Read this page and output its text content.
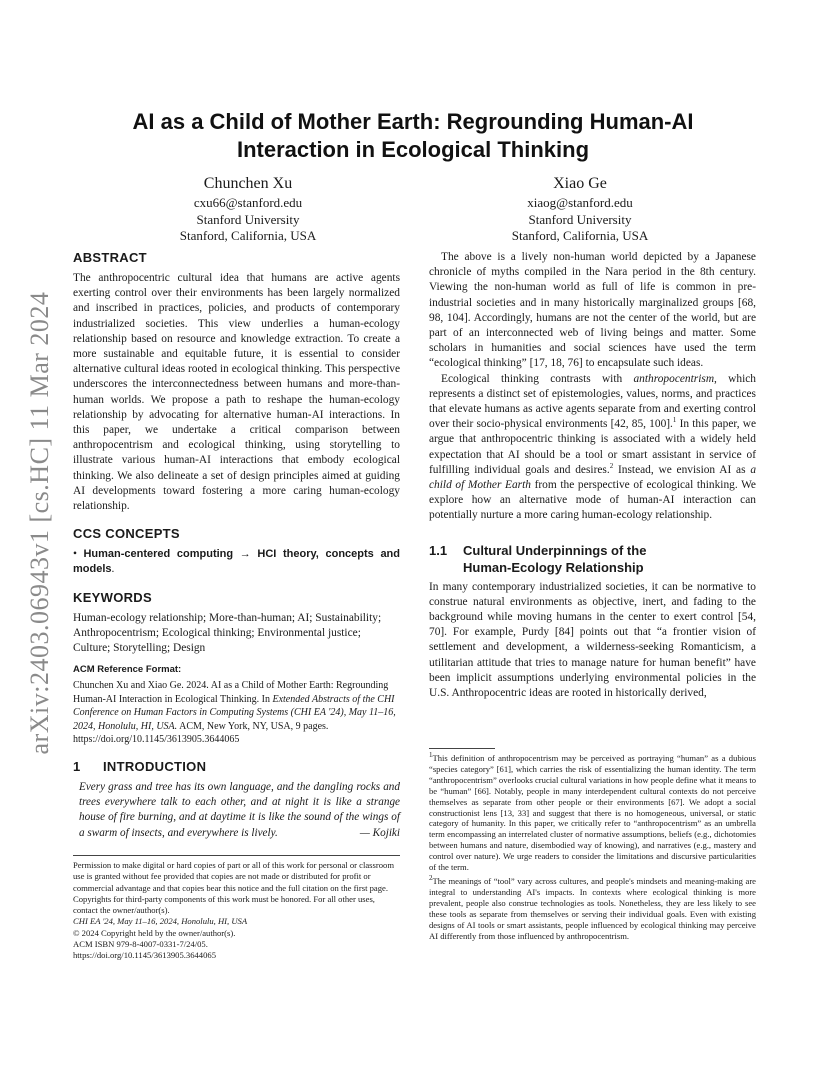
arXiv:2403.06943v1 [cs.HC] 11 Mar 2024
AI as a Child of Mother Earth: Regrounding Human-AI Interaction in Ecological Thinking
Chunchen Xu
cxu66@stanford.edu
Stanford University
Stanford, California, USA
Xiao Ge
xiaog@stanford.edu
Stanford University
Stanford, California, USA
ABSTRACT

The anthropocentric cultural idea that humans are active agents exerting control over their environments has been largely normalized and inscribed in practices, policies, and products of contemporary industrialized societies. This view underlies a human-ecology relationship based on resource and knowledge extraction. To create a more sustainable and equitable future, it is essential to consider alternative cultural ideas rooted in ecological thinking. This perspective underscores the interconnectedness between humans and more-than-human worlds. We propose a path to reshape the human-ecology relationship by advocating for alternative human-AI interactions. In this paper, we undertake a critical comparison between anthropocentrism and ecological thinking, using storytelling to illustrate various human-AI interactions that embody ecological thinking. We also delineate a set of design principles aimed at guiding AI developments toward fostering a more caring human-ecology relationship.

CCS CONCEPTS

• Human-centered computing → HCI theory, concepts and models.

KEYWORDS

Human-ecology relationship; More-than-human; AI; Sustainability; Anthropocentrism; Ecological thinking; Environmental justice; Culture; Storytelling; Design

ACM Reference Format:
Chunchen Xu and Xiao Ge. 2024. AI as a Child of Mother Earth: Regrounding Human-AI Interaction in Ecological Thinking. In Extended Abstracts of the CHI Conference on Human Factors in Computing Systems (CHI EA '24), May 11–16, 2024, Honolulu, HI, USA. ACM, New York, NY, USA, 9 pages. https://doi.org/10.1145/3613905.3644065
1 INTRODUCTION
Every grass and tree has its own language, and the dangling rocks and trees everywhere talk to each other, and at night it is like a strange house of fire burning, and at daytime it is like the sound of the wings of a swarm of insects, and everywhere is lively.	— Kojiki
Permission to make digital or hard copies of part or all of this work for personal or classroom use is granted without fee provided that copies are not made or distributed for profit or commercial advantage and that copies bear this notice and the full citation on the first page. Copyrights for third-party components of this work must be honored. For all other uses, contact the owner/author(s).
CHI EA '24, May 11–16, 2024, Honolulu, HI, USA
© 2024 Copyright held by the owner/author(s).
ACM ISBN 979-8-4007-0331-7/24/05.
https://doi.org/10.1145/3613905.3644065

The above is a lively non-human world depicted by a Japanese chronicle of myths compiled in the Nara period in the 8th century. Viewing the non-human world as full of life is common in pre-industrial societies and in many historically marginalized groups [68, 98, 104]. Accordingly, humans are not the center of the world, but are part of an interconnected web of living beings and matter. Some scholars in humanities and social sciences have used the term “ecological thinking” [17, 18, 76] to encapsulate such ideas.

Ecological thinking contrasts with anthropocentrism, which represents a distinct set of epistemologies, values, norms, and practices that elevate humans as active agents separate from and exerting control over their socio-physical environments [42, 85, 100].$^1$ In this paper, we argue that anthropocentric thinking is associated with a widely held expectation that AI should be a tool or smart assistant in service of fulfilling individual goals and desires.$^2$ Instead, we envision AI as a child of Mother Earth from the perspective of ecological thinking. We explore how an alternative mode of human-AI interaction can potentially nurture a more caring human-ecology relationship.

1.1 Cultural Underpinnings of the
Human-Ecology Relationship

In many contemporary industrialized societies, it can be normative to construe natural environments as objective, inert, and fading to the background while moving humans in the center to exert control [54, 70]. For example, Purdy [84] points out that “a frontier vision of settlement and development, a wilderness-seeking Romanticism, a utilitarian attitude that tries to manage nature for human benefit” have been implicit assumptions underlying environmental policies in the U.S. Anthropocentric ideas are rooted in historically derived,

$^1$This definition of anthropocentrism may be perceived as portraying “human” as a dubious “species category” [61], which carries the risk of essentializing the human identity. The term “anthropocentrism” overlooks crucial cultural variations in how people define what it means to be “human” [66]. Notably, people in many interdependent cultural contexts do not perceive themselves as separate from other people or their environments [67]. We adopt a social constructionist lens [13, 33] and suggest that there is no homogeneous, universal, or static category of humanity. In this paper, we critically refer to “anthropocentrism” as an umbrella term encompassing an interrelated cluster of normative assumptions, beliefs (e.g., dichotomies between humans and nature, disembodied way of knowing), and narratives (e.g., mastery and control over nature). We urge readers to consider the limitations and discursive particularities of the term.

$^2$The meanings of “tool” vary across cultures, and people's mindsets and meaning-making are integral to understanding AI's impacts. In contexts where ecological thinking is more prevalent, people also construe technologies as tools. Nonetheless, they are less likely to see these tools as separate from themselves or serving their individual goals. Even with existing designs of AI tools or smart assistants, people influenced by ecological thinking may perceive AI differently from those influenced by anthropocentrism.
